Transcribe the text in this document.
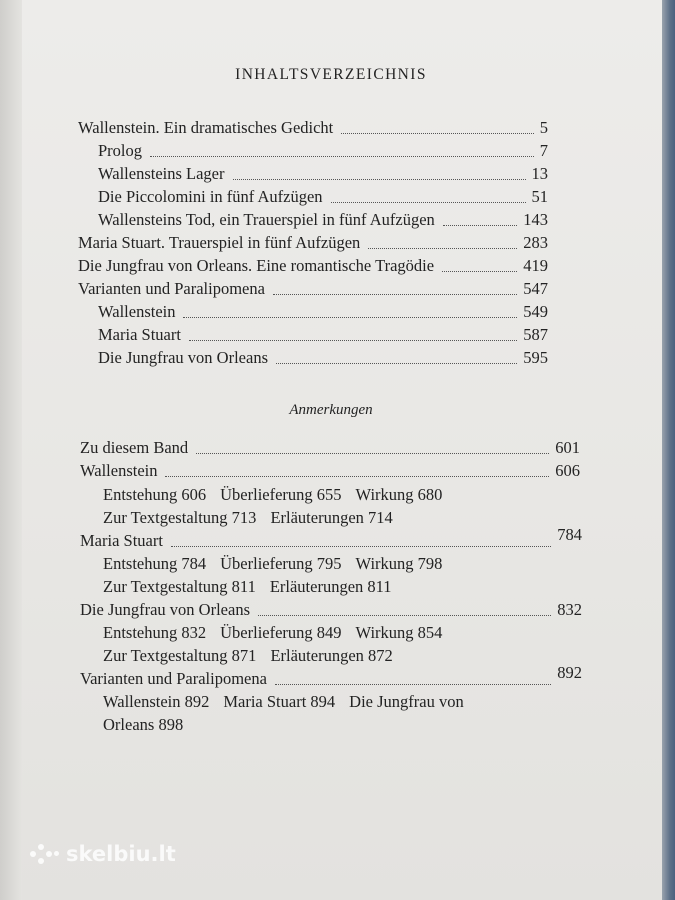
INHALTSVERZEICHNIS
Wallenstein. Ein dramatisches Gedicht	5
Prolog	7
Wallensteins Lager	13
Die Piccolomini in fünf Aufzügen	51
Wallensteins Tod, ein Trauerspiel in fünf Aufzügen	143
Maria Stuart. Trauerspiel in fünf Aufzügen	283
Die Jungfrau von Orleans. Eine romantische Tragödie	419
Varianten und Paralipomena	547
Wallenstein	549
Maria Stuart	587
Die Jungfrau von Orleans	595
Anmerkungen
Zu diesem Band	601
Wallenstein	606
Entstehung 606 Überlieferung 655 Wirkung 680
Zur Textgestaltung 713 Erläuterungen 714
Maria Stuart	784
Entstehung 784 Überlieferung 795 Wirkung 798
Zur Textgestaltung 811 Erläuterungen 811
Die Jungfrau von Orleans	832
Entstehung 832 Überlieferung 849 Wirkung 854
Zur Textgestaltung 871 Erläuterungen 872
Varianten und Paralipomena	892
Wallenstein 892 Maria Stuart 894 Die Jungfrau von
Orleans 898
skelbiu.lt
